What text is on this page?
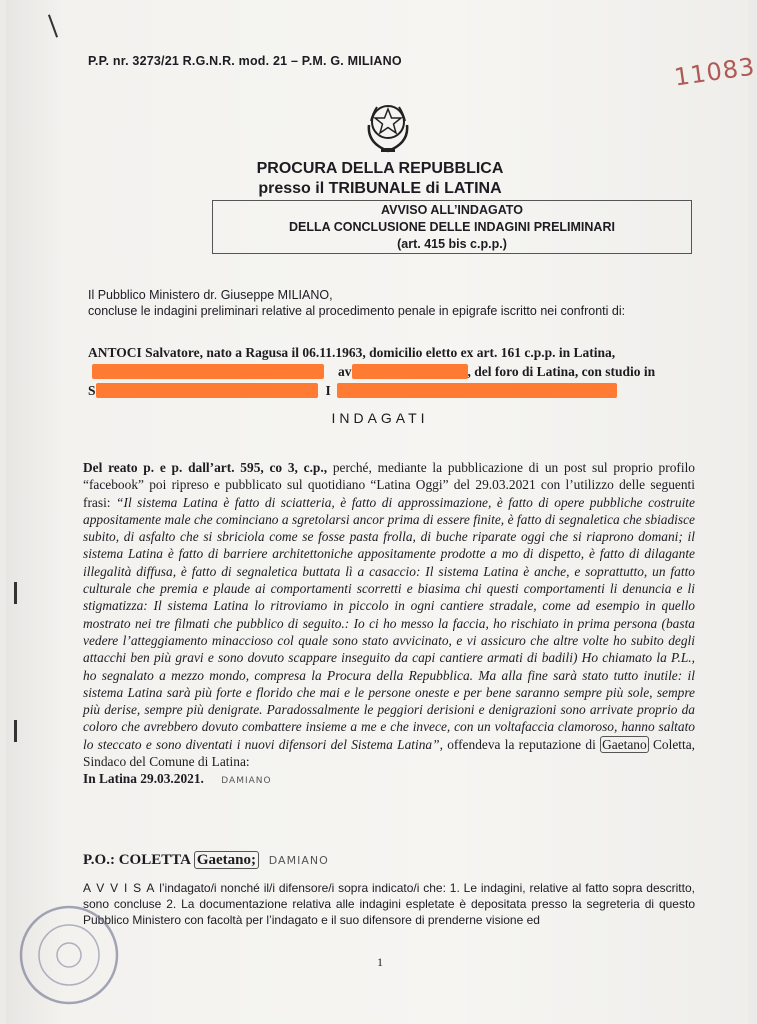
P.P. nr. 3273/21 R.G.N.R. mod. 21 – P.M. G. MILIANO	11083
PROCURA DELLA REPUBBLICA
presso il TRIBUNALE di LATINA
AVVISO ALL’INDAGATO
DELLA CONCLUSIONE DELLE INDAGINI PRELIMINARI
(art. 415 bis c.p.p.)
Il Pubblico Ministero dr. Giuseppe MILIANO,
concluse le indagini preliminari relative al procedimento penale in epigrafe iscritto nei confronti di:
ANTOCI Salvatore, nato a Ragusa il 06.11.1963, domicilio eletto ex art. 161 c.p.p. in Latina,
av	, del foro di Latina, con studio in
S	I
INDAGATI
Del reato p. e p. dall’art. 595, co 3, c.p., perché, mediante la pubblicazione di un post sul proprio profilo “facebook” poi ripreso e pubblicato sul quotidiano “Latina Oggi” del 29.03.2021 con l’utilizzo delle seguenti frasi: “Il sistema Latina è fatto di sciatteria, è fatto di approssimazione, è fatto di opere pubbliche costruite appositamente male che cominciano a sgretolarsi ancor prima di essere finite, è fatto di segnaletica che sbiadisce subito, di asfalto che si sbriciola come se fosse pasta frolla, di buche riparate oggi che si riaprono domani; il sistema Latina è fatto di barriere architettoniche appositamente prodotte a mo di dispetto, è fatto di dilagante illegalità diffusa, è fatto di segnaletica buttata lì a casaccio: Il sistema Latina è anche, e soprattutto, un fatto culturale che premia e plaude ai comportamenti scorretti e biasima chi questi comportamenti li denuncia e li stigmatizza: Il sistema Latina lo ritroviamo in piccolo in ogni cantiere stradale, come ad esempio in quello mostrato nei tre filmati che pubblico di seguito.: Io ci ho messo la faccia, ho rischiato in prima persona (basta vedere l’atteggiamento minaccioso col quale sono stato avvicinato, e vi assicuro che altre volte ho subito degli attacchi ben più gravi e sono dovuto scappare inseguito da capi cantiere armati di badili) Ho chiamato la P.L., ho segnalato a mezzo mondo, compresa la Procura della Repubblica. Ma alla fine sarà stato tutto inutile: il sistema Latina sarà più forte e florido che mai e le persone oneste e per bene saranno sempre più sole, sempre più derise, sempre più denigrate. Paradossalmente le peggiori derisioni e denigrazioni sono arrivate proprio da coloro che avrebbero dovuto combattere insieme a me e che invece, con un voltafaccia clamoroso, hanno saltato lo steccato e sono diventati i nuovi difensori del Sistema Latina”, offendeva la reputazione di Gaetano Coletta, Sindaco del Comune di Latina:
In Latina 29.03.2021. DAMIANO
P.O.: COLETTA Gaetano; DAMIANO
A V V I S A l’indagato/i nonché il/i difensore/i sopra indicato/i che: 1. Le indagini, relative al fatto sopra descritto, sono concluse 2. La documentazione relativa alle indagini espletate è depositata presso la segreteria di questo Pubblico Ministero con facoltà per l’indagato e il suo difensore di prenderne visione ed
1
